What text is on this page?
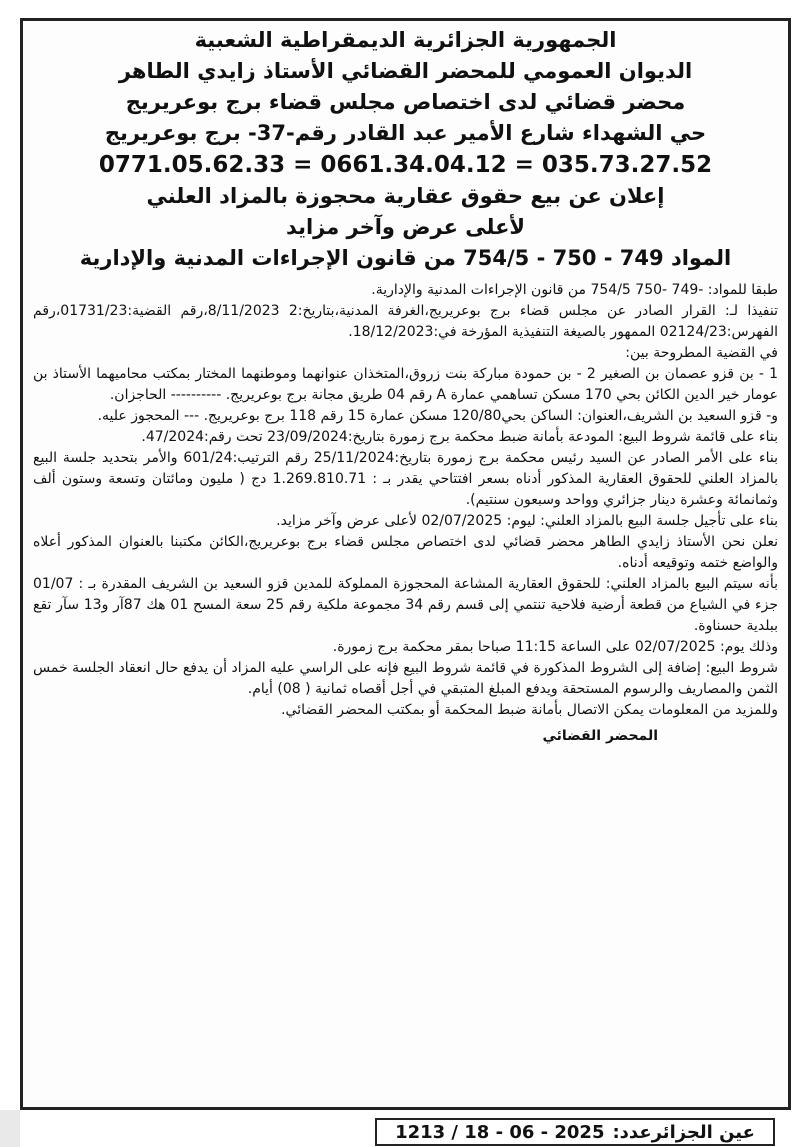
الجمهورية الجزائرية الديمقراطية الشعبية

الديوان العمومي للمحضر القضائي الأستاذ زايدي الطاهر

محضر قضائي لدى اختصاص مجلس قضاء برج بوعريريج

حي الشهداء شارع الأمير عبد القادر رقم-37- برج بوعريريج

0771.05.62.33 = 0661.34.04.12 = 035.73.27.52

إعلان عن بيع حقوق عقارية محجوزة بالمزاد العلني

لأعلى عرض وآخر مزايد

المواد 749 - 750 - 754/5 من قانون الإجراءات المدنية والإدارية

طبقا للمواد: -749 -750 754/5 من قانون الإجراءات المدنية والإدارية.

تنفيذا لـ: القرار الصادر عن مجلس قضاء برج بوعريريج،الغرفة المدنية،بتاريخ:2 8/11/2023،رقم القضية:01731/23،رقم الفهرس:02124/23 الممهور بالصيغة التنفيذية المؤرخة في:18/12/2023.

في القضية المطروحة بين:

1 - بن قزو عصمان بن الصغير 2 - بن حمودة مباركة بنت زروق،المتخذان عنوانهما وموطنهما المختار بمكتب محاميهما الأستاذ بن عومار خير الدين الكائن بحي 170 مسكن تساهمي عمارة A رقم 04 طريق مجانة برج بوعريريج. ---------- الحاجزان.

و- قزو السعيد بن الشريف،العنوان: الساكن بحي120/80 مسكن عمارة 15 رقم 118 برج بوعريريج. --- المحجوز عليه.

بناء على قائمة شروط البيع: المودعة بأمانة ضبط محكمة برج زمورة بتاريخ:23/09/2024 تحت رقم:47/2024.

بناء على الأمر الصادر عن السيد رئيس محكمة برج زمورة بتاريخ:25/11/2024 رقم الترتيب:601/24 والأمر بتحديد جلسة البيع بالمزاد العلني للحقوق العقارية المذكور أدناه بسعر افتتاحي يقدر بـ : 1.269.810.71 دج ( مليون ومائتان وتسعة وستون ألف وثمانمائة وعشرة دينار جزائري وواحد وسبعون سنتيم).

بناء على تأجيل جلسة البيع بالمزاد العلني: ليوم: 02/07/2025 لأعلى عرض وآخر مزايد.

نعلن نحن الأستاذ زايدي الطاهر محضر قضائي لدى اختصاص مجلس قضاء برج بوعريريج،الكائن مكتبنا بالعنوان المذكور أعلاه والواضع ختمه وتوقيعه أدناه.

بأنه سيتم البيع بالمزاد العلني: للحقوق العقارية المشاعة المحجوزة المملوكة للمدين قزو السعيد بن الشريف المقدرة بـ : 01/07 جزء في الشياع من قطعة أرضية فلاحية تنتمي إلى قسم رقم 34 مجموعة ملكية رقم 25 سعة المسح 01 هك 87آر و13 سآر تقع ببلدية حسناوة.

وذلك يوم: 02/07/2025 على الساعة 11:15 صباحا بمقر محكمة برج زمورة.

شروط البيع: إضافة إلى الشروط المذكورة في قائمة شروط البيع فإنه على الراسي عليه المزاد أن يدفع حال انعقاد الجلسة خمس الثمن والمصاريف والرسوم المستحقة ويدفع المبلغ المتبقي في أجل أقصاه ثمانية ( 08) أيام.

وللمزيد من المعلومات يمكن الاتصال بأمانة ضبط المحكمة أو بمكتب المحضر القضائي.

المحضر القضائي

عين الجزائرعدد:
1213 / 18 - 06 - 2025
